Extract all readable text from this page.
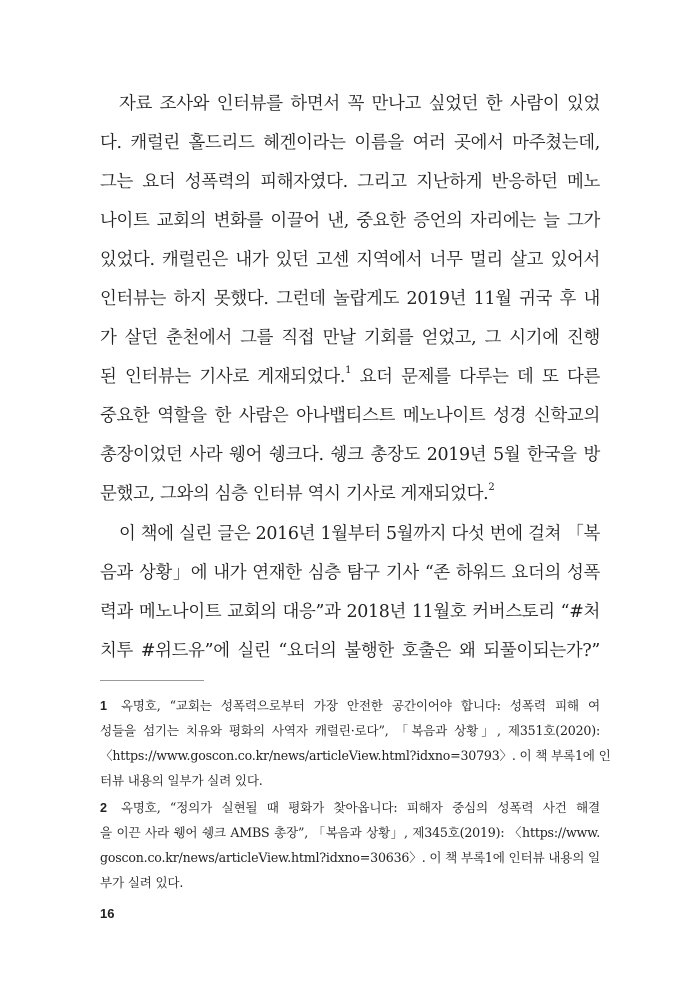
자료 조사와 인터뷰를 하면서 꼭 만나고 싶었던 한 사람이 있었
다. 캐럴린 홀드리드 헤겐이라는 이름을 여러 곳에서 마주쳤는데,
그는 요더 성폭력의 피해자였다. 그리고 지난하게 반응하던 메노
나이트 교회의 변화를 이끌어 낸, 중요한 증언의 자리에는 늘 그가
있었다. 캐럴린은 내가 있던 고센 지역에서 너무 멀리 살고 있어서
인터뷰는 하지 못했다. 그런데 놀랍게도 2019년 11월 귀국 후 내
가 살던 춘천에서 그를 직접 만날 기회를 얻었고, 그 시기에 진행
된 인터뷰는 기사로 게재되었다.$^1$ 요더 문제를 다루는 데 또 다른
중요한 역할을 한 사람은 아나뱁티스트 메노나이트 성경 신학교의
총장이었던 사라 웽어 쉥크다. 쉥크 총장도 2019년 5월 한국을 방
문했고, 그와의 심층 인터뷰 역시 기사로 게재되었다.$^2$
이 책에 실린 글은 2016년 1월부터 5월까지 다섯 번에 걸쳐 「복
음과 상황」에 내가 연재한 심층 탐구 기사 “존 하워드 요더의 성폭
력과 메노나이트 교회의 대응”과 2018년 11월호 커버스토리 “#처
치투 #위드유”에 실린 “요더의 불행한 호출은 왜 되풀이되는가?”
1 옥명호, “교회는 성폭력으로부터 가장 안전한 공간이어야 합니다: 성폭력 피해 여
성들을 섬기는 치유와 평화의 사역자 캐럴린·로다”, 「복음과 상황」, 제351호(2020):
〈https://www.goscon.co.kr/news/articleView.html?idxno=30793〉. 이 책 부록1에 인
터뷰 내용의 일부가 실려 있다.
2 옥명호, “정의가 실현될 때 평화가 찾아옵니다: 피해자 중심의 성폭력 사건 해결
을 이끈 사라 웽어 쉥크 AMBS 총장”, 「복음과 상황」, 제345호(2019): 〈https://www.
goscon.co.kr/news/articleView.html?idxno=30636〉. 이 책 부록1에 인터뷰 내용의 일
부가 실려 있다.
16
